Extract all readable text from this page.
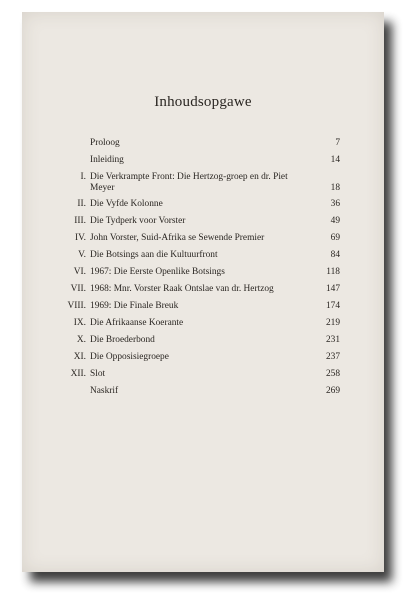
Inhoudsopgawe
Proloog	7
Inleiding	14
I. Die Verkrampte Front: Die Hertzog-groep en dr. Piet Meyer	18
II. Die Vyfde Kolonne	36
III. Die Tydperk voor Vorster	49
IV. John Vorster, Suid-Afrika se Sewende Premier	69
V. Die Botsings aan die Kultuurfront	84
VI. 1967: Die Eerste Openlike Botsings	118
VII. 1968: Mnr. Vorster Raak Ontslae van dr. Hertzog	147
VIII. 1969: Die Finale Breuk	174
IX. Die Afrikaanse Koerante	219
X. Die Broederbond	231
XI. Die Opposisiegroepe	237
XII. Slot	258
Naskrif	269
